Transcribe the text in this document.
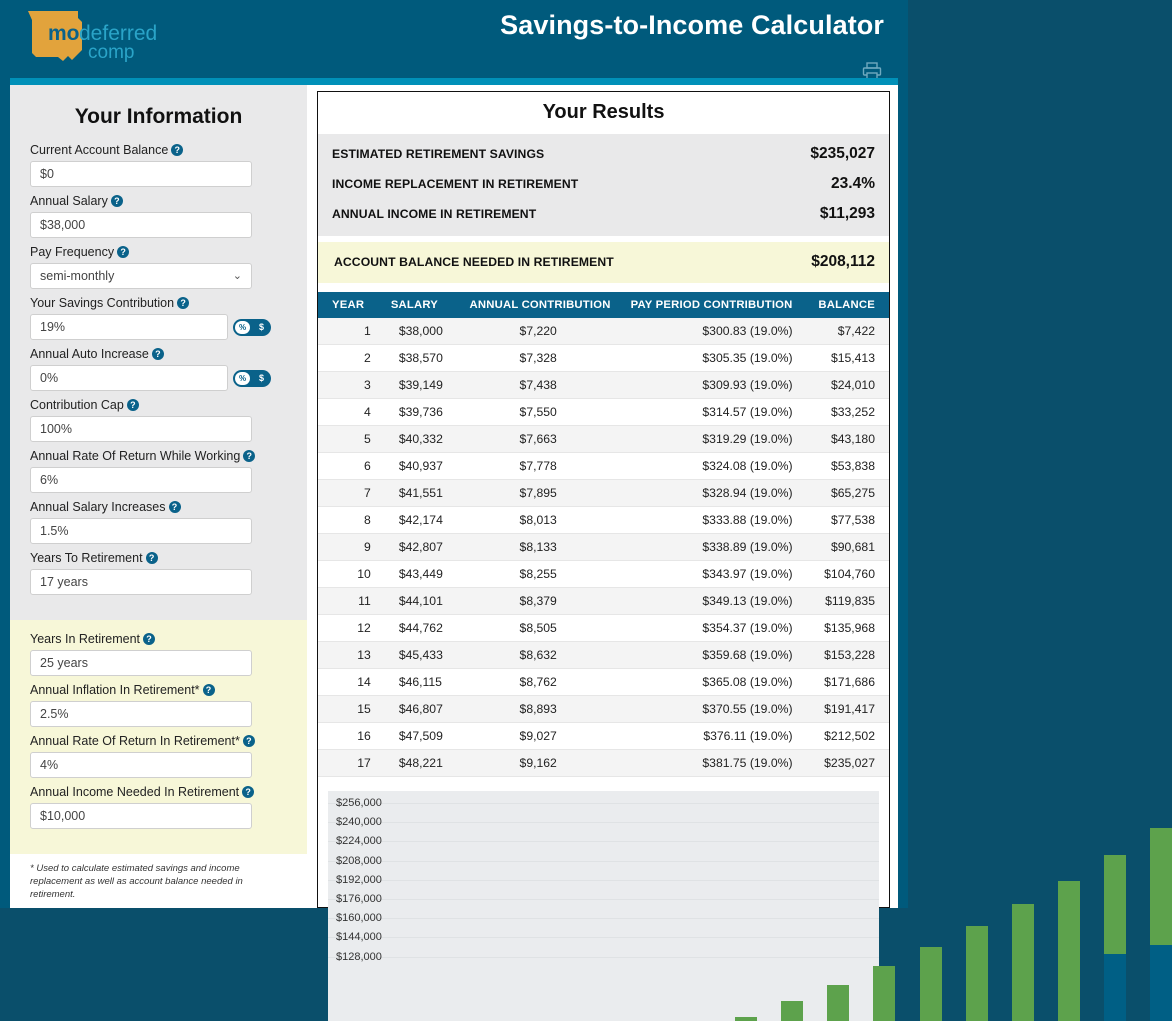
mo deferred
comp
Savings-to-Income Calculator
Your Information
Current Account Balance ?
$0
Annual Salary ?
$38,000
Pay Frequency ?
semi-monthly	⌄
Your Savings Contribution ?
19%	%	$
Annual Auto Increase ?
0%	%	$
Contribution Cap ?
100%
Annual Rate Of Return While Working ?
6%
Annual Salary Increases ?
1.5%
Years To Retirement ?
17 years
Years In Retirement ?
25 years
Annual Inflation In Retirement* ?
2.5%
Annual Rate Of Return In Retirement* ?
4%
Annual Income Needed In Retirement ?
$10,000
* Used to calculate estimated savings and income replacement as well as account balance needed in retirement.
Your Results
ESTIMATED RETIREMENT SAVINGS	$235,027
INCOME REPLACEMENT IN RETIREMENT	23.4%
ANNUAL INCOME IN RETIREMENT	$11,293
ACCOUNT BALANCE NEEDED IN RETIREMENT	$208,112
YEAR	SALARY	ANNUAL CONTRIBUTION	PAY PERIOD CONTRIBUTION	BALANCE
1	$38,000	$7,220	$300.83 (19.0%)	$7,422
2	$38,570	$7,328	$305.35 (19.0%)	$15,413
3	$39,149	$7,438	$309.93 (19.0%)	$24,010
4	$39,736	$7,550	$314.57 (19.0%)	$33,252
5	$40,332	$7,663	$319.29 (19.0%)	$43,180
6	$40,937	$7,778	$324.08 (19.0%)	$53,838
7	$41,551	$7,895	$328.94 (19.0%)	$65,275
8	$42,174	$8,013	$333.88 (19.0%)	$77,538
9	$42,807	$8,133	$338.89 (19.0%)	$90,681
10	$43,449	$8,255	$343.97 (19.0%)	$104,760
11	$44,101	$8,379	$349.13 (19.0%)	$119,835
12	$44,762	$8,505	$354.37 (19.0%)	$135,968
13	$45,433	$8,632	$359.68 (19.0%)	$153,228
14	$46,115	$8,762	$365.08 (19.0%)	$171,686
15	$46,807	$8,893	$370.55 (19.0%)	$191,417
16	$47,509	$9,027	$376.11 (19.0%)	$212,502
17	$48,221	$9,162	$381.75 (19.0%)	$235,027
$256,000
$240,000
$224,000
$208,000
$192,000
$176,000
$160,000
$144,000
$128,000
